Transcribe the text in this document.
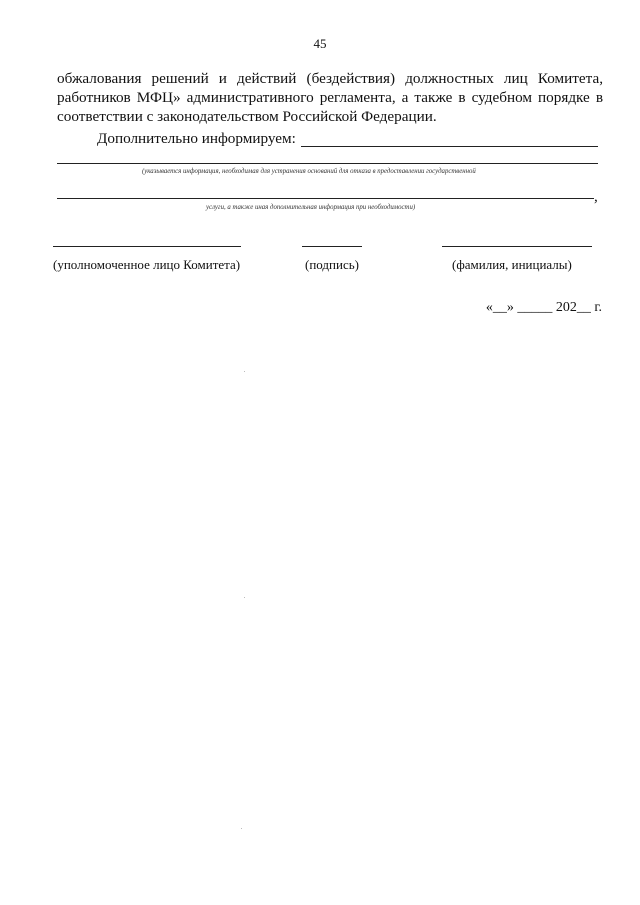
45
обжалования решений и действий (бездействия) должностных лиц Комитета,
работников МФЦ» административного регламента, а также в судебном порядке в
соответствии с законодательством Российской Федерации.
Дополнительно информируем:
(указывается информация, необходимая для устранения оснований для отказа в предоставлении государственной
,
услуги, а также иная дополнительная информация при необходимости)
(уполномоченное лицо Комитета)	(подпись)	(фамилия, инициалы)
«__» _____ 202__ г.
